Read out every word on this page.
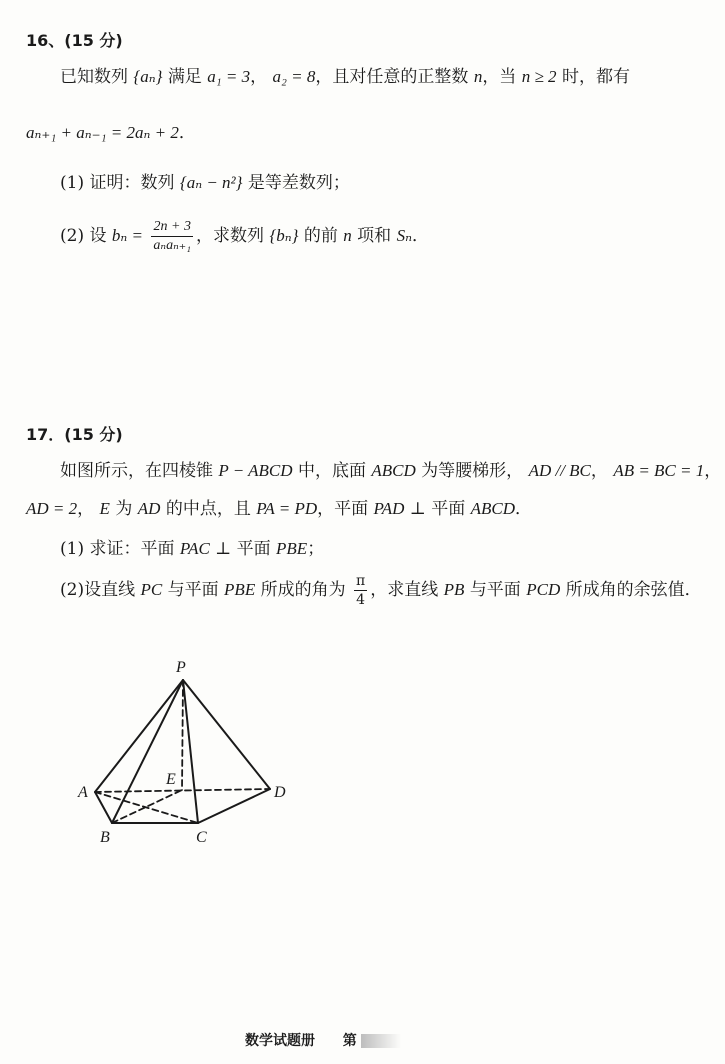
16、(15 分)
已知数列 {aₙ} 满足 a₁ = 3， a₂ = 8，且对任意的正整数 n，当 n ≥ 2 时，都有
aₙ₊₁ + aₙ₋₁ = 2aₙ + 2．
(1) 证明：数列 {aₙ − n²} 是等差数列；
(2) 设 $b_n = \frac{2n + 3}{\text{aₙaₙ₊₁}}$ ，求数列 {bₙ} 的前 n 项和 Sₙ．
17．(15 分)
如图所示，在四棱锥 P − ABCD 中，底面 ABCD 为等腰梯形， AD // BC， AB = BC = 1，
AD = 2， E 为 AD 的中点，且 PA = PD，平面 PAD ⊥ 平面 ABCD．
(1) 求证：平面 PAC ⊥ 平面 PBE；
(2)设直线 PC 与平面 PBE 所成的角为 $\frac{\pi}{4}$ ，求直线 PB 与平面 PCD 所成角的余弦值．
P
A
B	C
D
E
数学试题册 第
